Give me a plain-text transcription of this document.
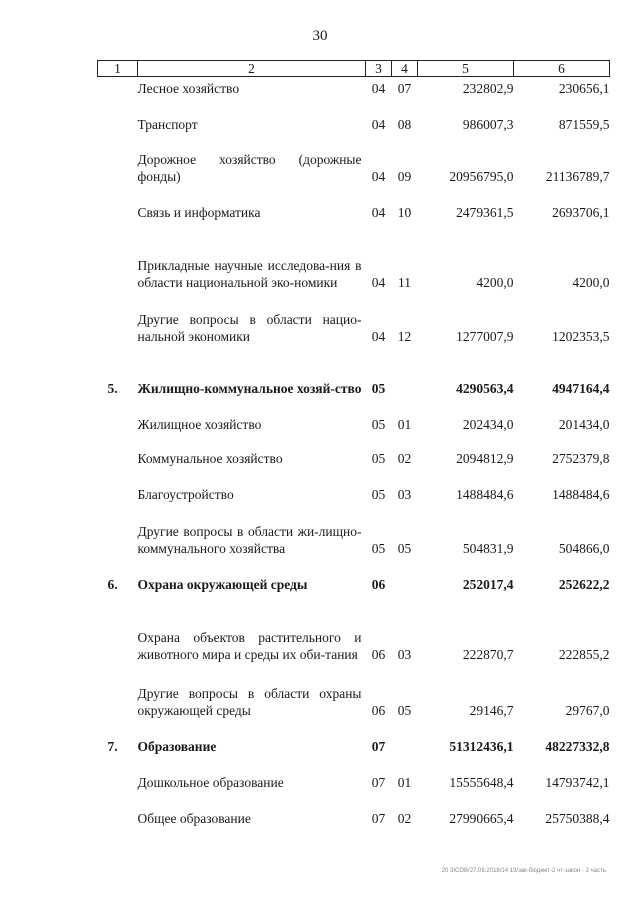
30
1	2	3	4	5	6
	Лесное хозяйство	04	07	232802,9	230656,1
	Транспорт	04	08	986007,3	871559,5
	Дорожное хозяйство (дорожные фонды)	04	09	20956795,0	21136789,7
	Связь и информатика	04	10	2479361,5	2693706,1
	Прикладные научные исследова-ния в области национальной эко-номики	04	11	4200,0	4200,0
	Другие вопросы в области нацио-нальной экономики	04	12	1277007,9	1202353,5
5.	Жилищно-коммунальное хозяй-ство	05		4290563,4	4947164,4
	Жилищное хозяйство	05	01	202434,0	201434,0
	Коммунальное хозяйство	05	02	2094812,9	2752379,8
	Благоустройство	05	03	1488484,6	1488484,6
	Другие вопросы в области жи-лищно-коммунального хозяйства	05	05	504831,9	504866,0
6.	Охрана окружающей среды	06		252017,4	252622,2
	Охрана объектов растительного и животного мира и среды их оби-тания	06	03	222870,7	222855,2
	Другие вопросы в области охраны окружающей среды	06	05	29146,7	29767,0
7.	Образование	07		51312436,1	48227332,8
	Дошкольное образование	07	01	15555648,4	14793742,1
	Общее образование	07	02	27990665,4	25750388,4
20 3ICOB/27.09.2018/14 13/зак-бюджет-2 чт-закон - 2 часть
